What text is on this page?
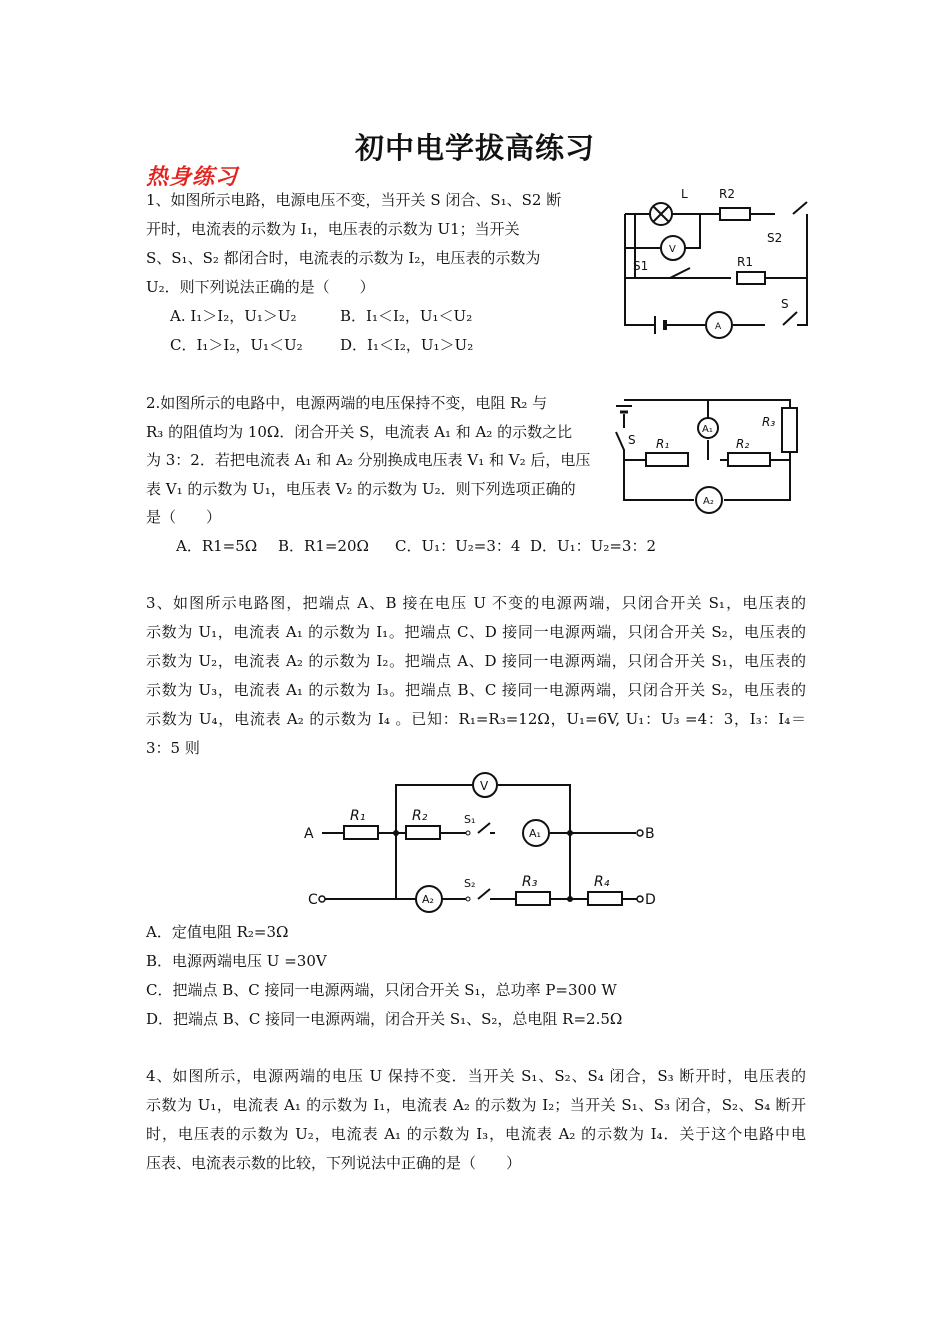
初中电学拔高练习
热身练习
1、如图所示电路，电源电压不变，当开关 S 闭合、S₁、S2 断
开时，电流表的示数为 I₁，电压表的示数为 U1；当开关
S、S₁、S₂ 都闭合时，电流表的示数为 I₂，电压表的示数为
U₂．则下列说法正确的是（　　）
A. I₁＞I₂，U₁＞U₂	B．I₁＜I₂，U₁＜U₂
C．I₁＞I₂，U₁＜U₂ D．I₁＜I₂，U₁＞U₂
L	R2
S2
V
S1	R1
A
S
2.如图所示的电路中，电源两端的电压保持不变，电阻 R₂ 与
R₃ 的阻值均为 10Ω．闭合开关 S，电流表 A₁ 和 A₂ 的示数之比
为 3：2．若把电流表 A₁ 和 A₂ 分别换成电压表 V₁ 和 V₂ 后，电压
表 V₁ 的示数为 U₁，电压表 V₂ 的示数为 U₂．则下列选项正确的
是（　　）
A．R1=5Ω B．R1=20Ω C．U₁：U₂=3：4 D．U₁：U₂=3：2
A₁
R₁	R₂
R₃
S
A₂
3、如图所示电路图，把端点 A、B 接在电压 U 不变的电源两端，只闭合开关 S₁，电压表的
示数为 U₁，电流表 A₁ 的示数为 I₁。把端点 C、D 接同一电源两端，只闭合开关 S₂，电压表的
示数为 U₂，电流表 A₂ 的示数为 I₂。把端点 A、D 接同一电源两端，只闭合开关 S₁，电压表的
示数为 U₃，电流表 A₁ 的示数为 I₃。把端点 B、C 接同一电源两端，只闭合开关 S₂，电压表的
示数为 U₄，电流表 A₂ 的示数为 I₄ 。已知：R₁=R₃=12Ω，U₁=6V, U₁：U₃ =4：3，I₃：I₄＝
3：5 则
A	B
C	D
V
R₁	R₂	S₁
A₁
S₂
A₂
R₃	R₄
A．定值电阻 R₂=3Ω
B．电源两端电压 U =30V
C．把端点 B、C 接同一电源两端，只闭合开关 S₁，总功率 P=300 W
D．把端点 B、C 接同一电源两端，闭合开关 S₁、S₂，总电阻 R=2.5Ω
4、如图所示，电源两端的电压 U 保持不变．当开关 S₁、S₂、S₄ 闭合，S₃ 断开时，电压表的
示数为 U₁，电流表 A₁ 的示数为 I₁，电流表 A₂ 的示数为 I₂；当开关 S₁、S₃ 闭合，S₂、S₄ 断开
时，电压表的示数为 U₂，电流表 A₁ 的示数为 I₃，电流表 A₂ 的示数为 I₄．关于这个电路中电
压表、电流表示数的比较，下列说法中正确的是（　　）
